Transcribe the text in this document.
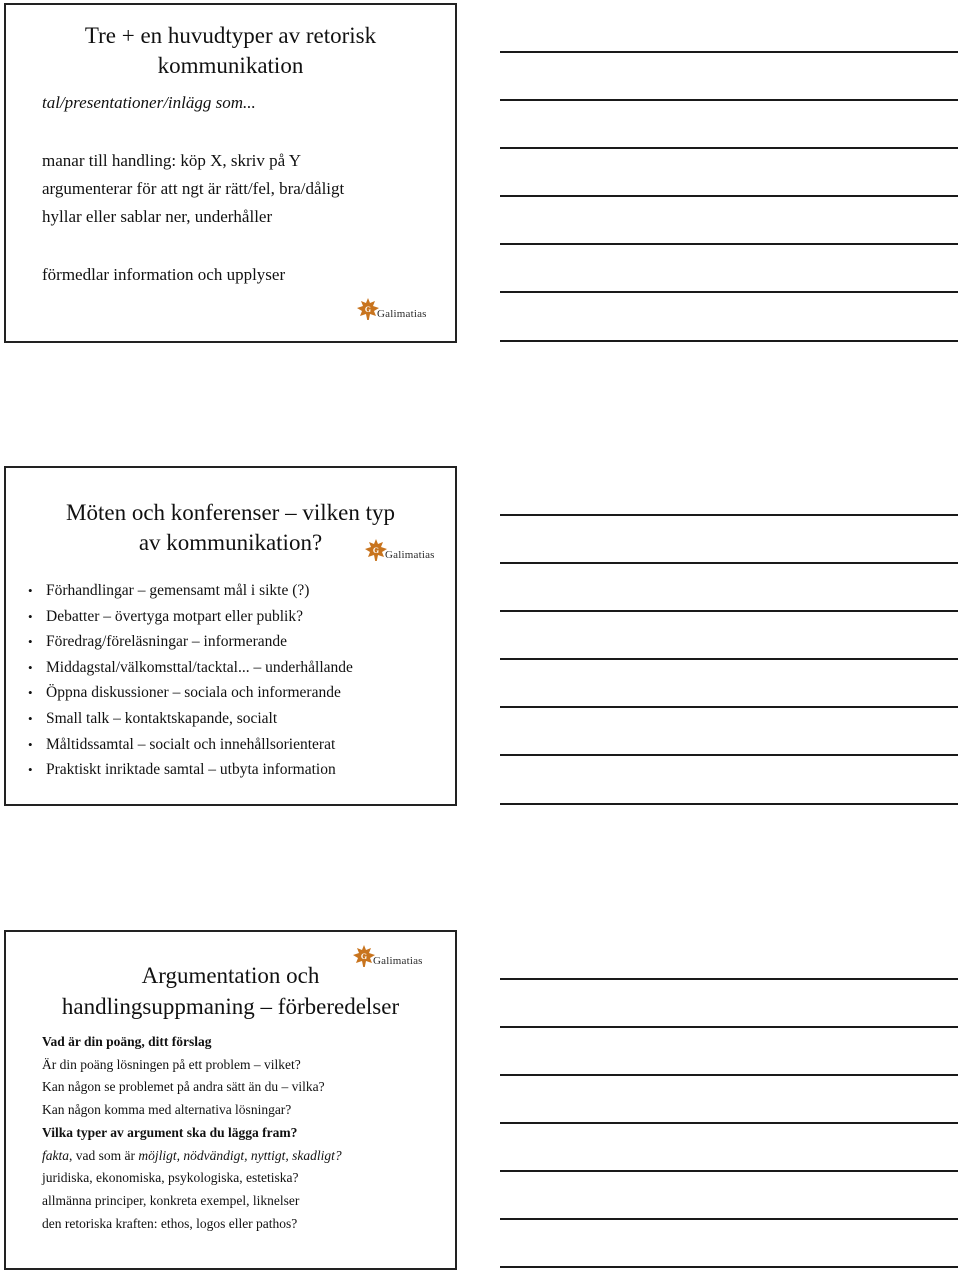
Tre + en huvudtyper av retorisk
kommunikation
tal/presentationer/inlägg som...
manar till handling: köp X, skriv på Y
argumenterar för att ngt är rätt/fel, bra/dåligt
hyllar eller sablar ner, underhåller
förmedlar information och upplyser
G Galimatias
Möten och konferenser – vilken typ
av kommunikation?	G Galimatias
• Förhandlingar – gemensamt mål i sikte (?)
• Debatter – övertyga motpart eller publik?
• Föredrag/föreläsningar – informerande
• Middagstal/välkomsttal/tacktal... – underhållande
• Öppna diskussioner – sociala och informerande
• Small talk – kontaktskapande, socialt
• Måltidssamtal – socialt och innehållsorienterat
• Praktiskt inriktade samtal – utbyta information
G Galimatias
Argumentation och
handlingsuppmaning – förberedelser
Vad är din poäng, ditt förslag
Är din poäng lösningen på ett problem – vilket?
Kan någon se problemet på andra sätt än du – vilka?
Kan någon komma med alternativa lösningar?
Vilka typer av argument ska du lägga fram?
fakta, vad som är möjligt, nödvändigt, nyttigt, skadligt?
juridiska, ekonomiska, psykologiska, estetiska?
allmänna principer, konkreta exempel, liknelser
den retoriska kraften: ethos, logos eller pathos?
